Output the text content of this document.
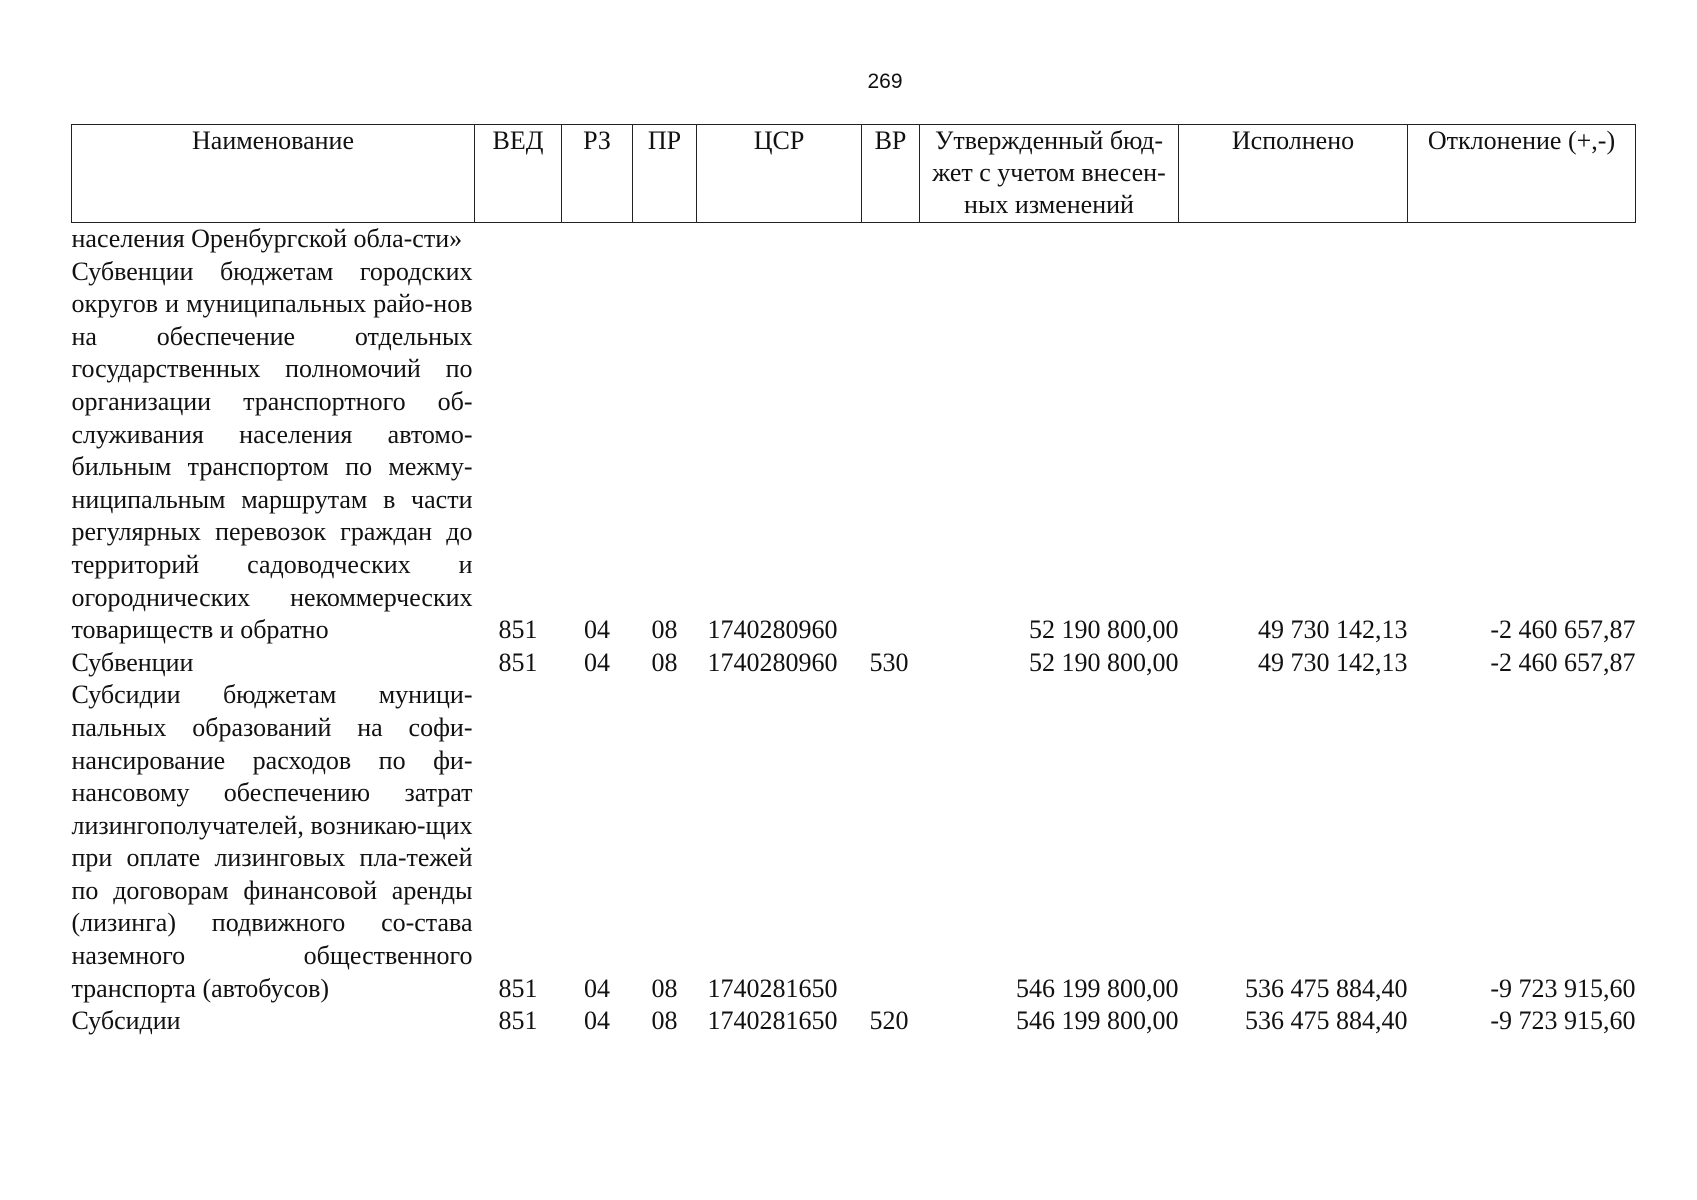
269
Наименование	ВЕД	РЗ	ПР	ЦСР	ВР	Утвержденный бюд-жет с учетом внесен-ных изменений	Исполнено	Отклонение (+,-)
населения Оренбургской обла-сти»								
Субвенции бюджетам городских округов и муниципальных райо-нов на обеспечение отдельных государственных полномочий по организации транспортного об-служивания населения автомо-бильным транспортом по межму-ниципальным маршрутам в части регулярных перевозок граждан до территорий садоводческих и огороднических некоммерческих товариществ и обратно	851	04	08	1740280960		52 190 800,00	49 730 142,13	-2 460 657,87
Субвенции	851	04	08	1740280960	530	52 190 800,00	49 730 142,13	-2 460 657,87
Субсидии бюджетам муници-пальных образований на софи-нансирование расходов по фи-нансовому обеспечению затрат лизингополучателей, возникаю-щих при оплате лизинговых пла-тежей по договорам финансовой аренды (лизинга) подвижного со-става наземного общественного транспорта (автобусов)	851	04	08	1740281650		546 199 800,00	536 475 884,40	-9 723 915,60
Субсидии	851	04	08	1740281650	520	546 199 800,00	536 475 884,40	-9 723 915,60
